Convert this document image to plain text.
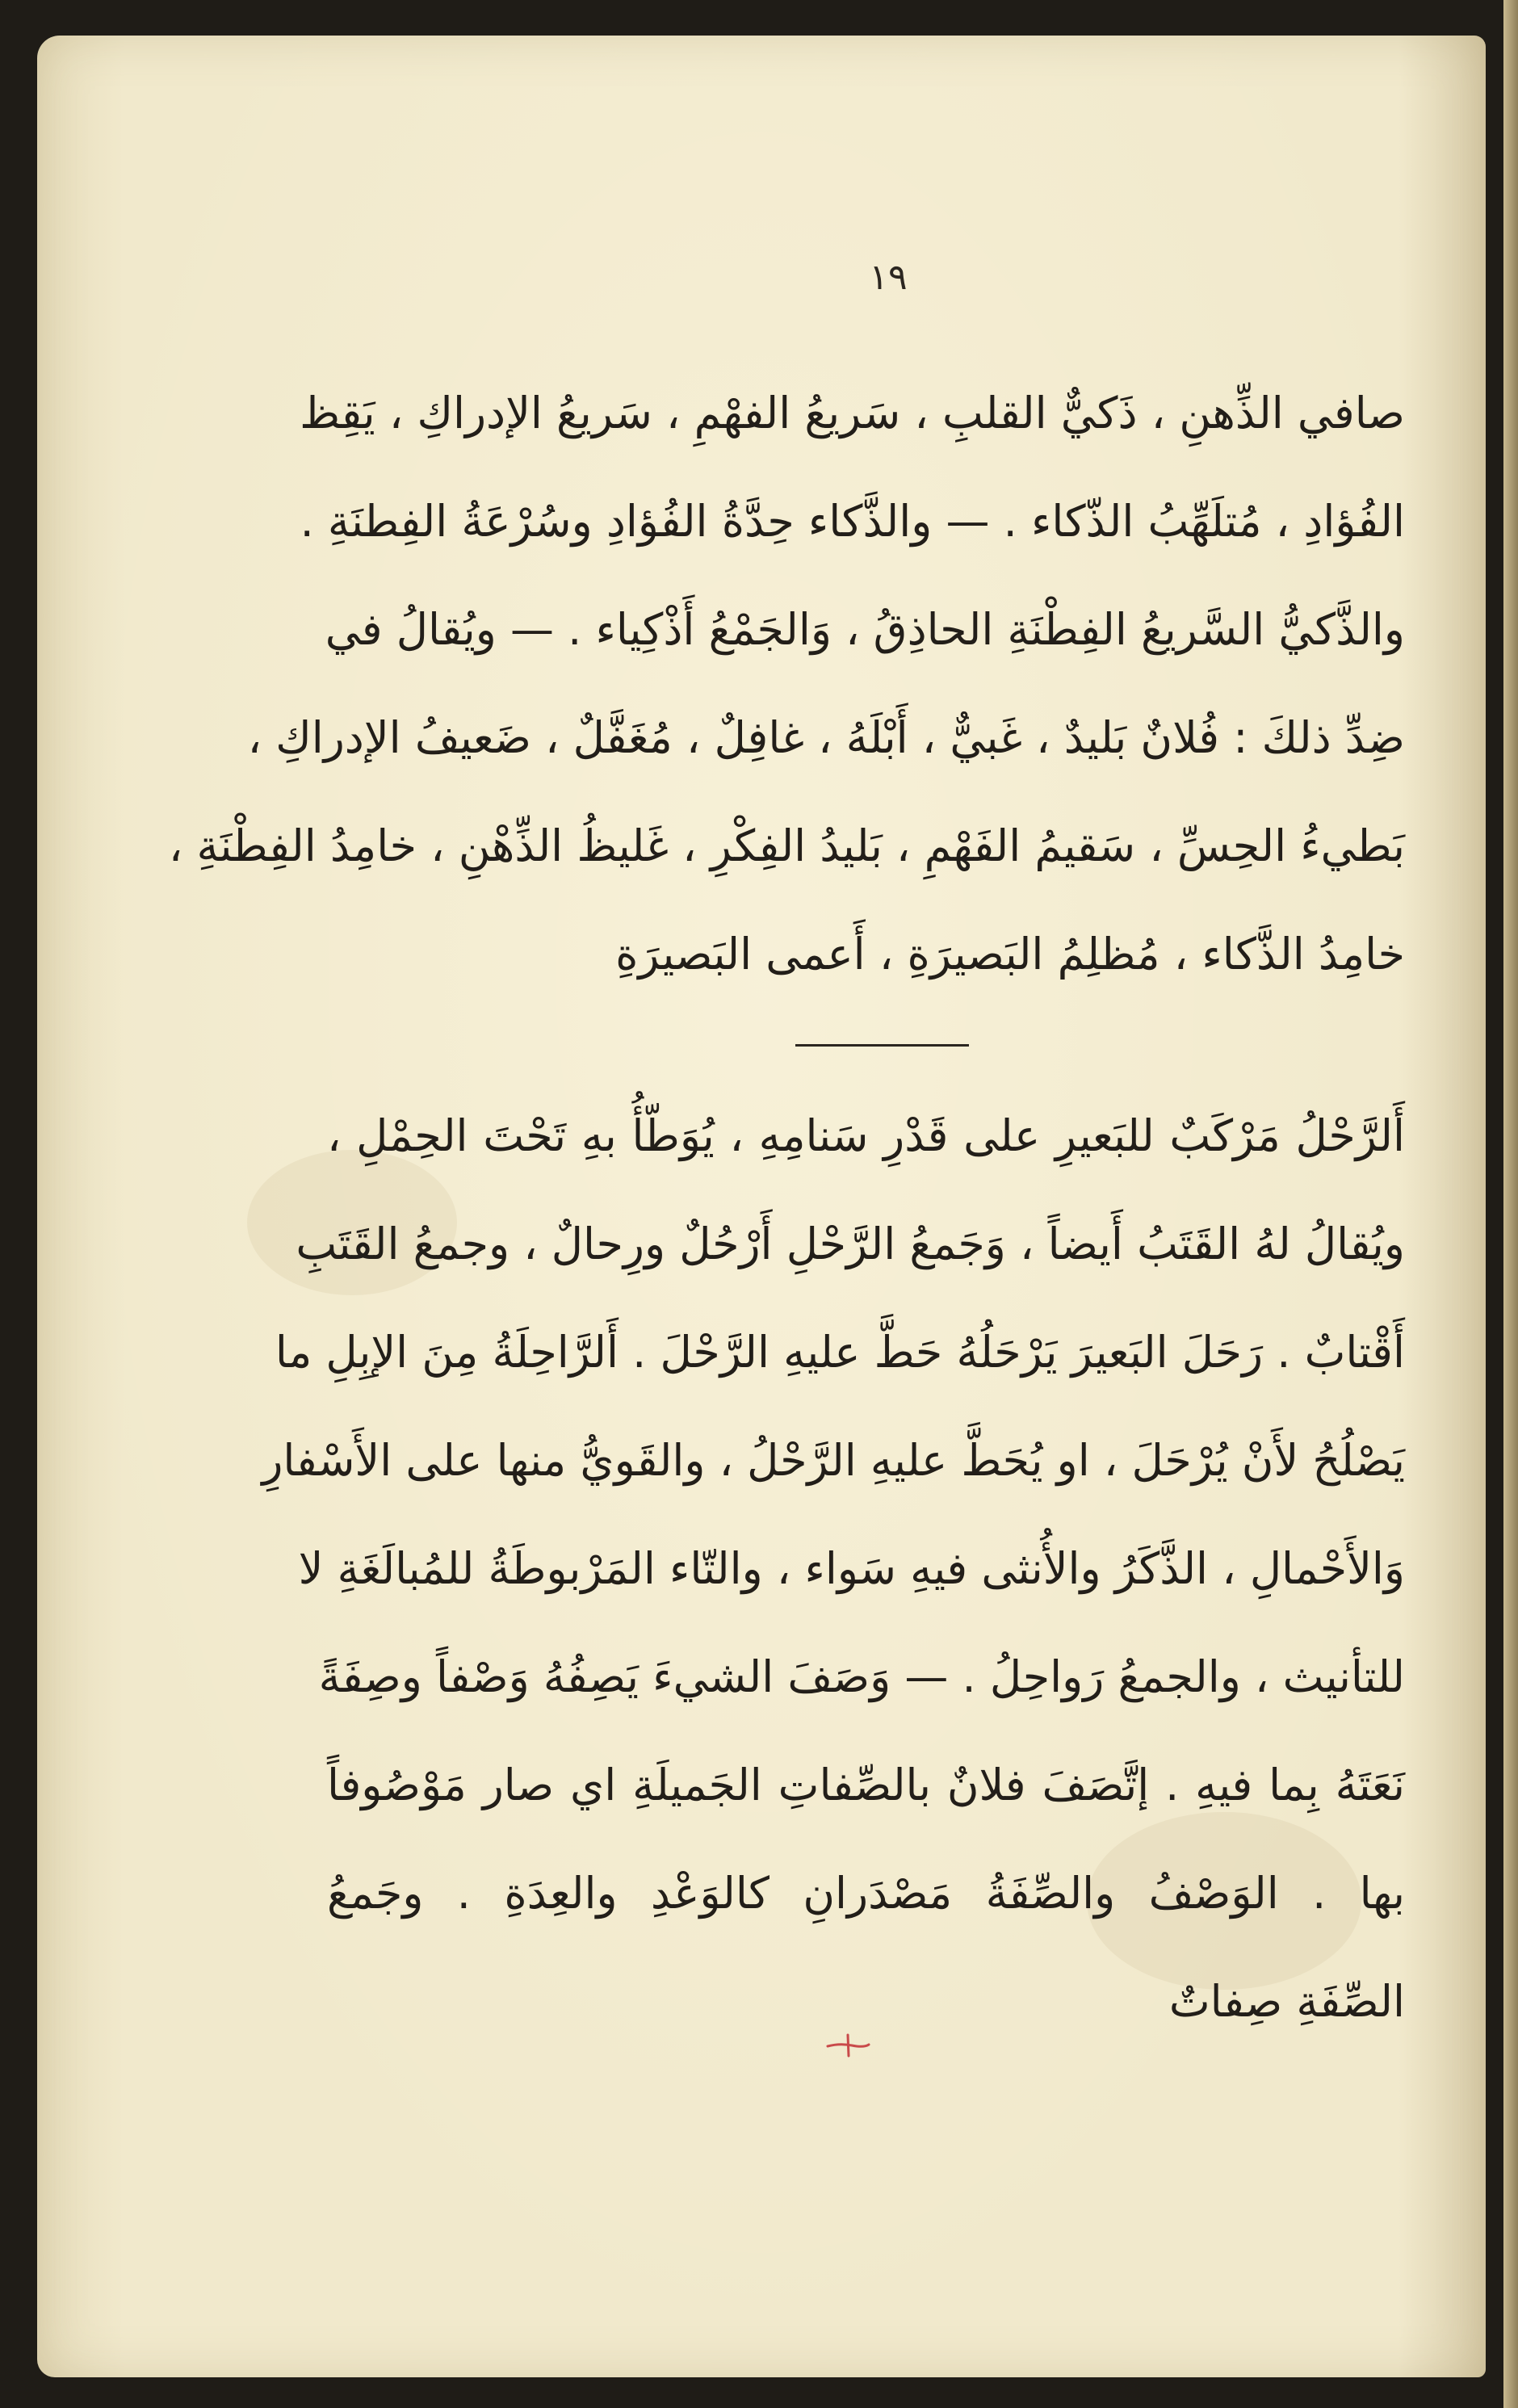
١٩
صافي الذِّهنِ ، ذَكيٌّ القلبِ ، سَريعُ الفهْمِ ، سَريعُ الإدراكِ ، يَقِظ
الفُؤادِ ، مُتلَهِّبُ الذّكاء . — والذَّكاء حِدَّةُ الفُؤادِ وسُرْعَةُ الفِطنَةِ .
والذَّكيُّ السَّريعُ الفِطْنَةِ الحاذِقُ ، وَالجَمْعُ أَذْكِياء . — ويُقالُ في
ضِدِّ ذلكَ : فُلانٌ بَليدٌ ، غَبيٌّ ، أَبْلَهُ ، غافِلٌ ، مُغَفَّلٌ ، ضَعيفُ الإدراكِ ،
بَطيءُ الحِسِّ ، سَقيمُ الفَهْمِ ، بَليدُ الفِكْرِ ، غَليظُ الذِّهْنِ ، خامِدُ الفِطْنَةِ ،
خامِدُ الذَّكاء ، مُظلِمُ البَصيرَةِ ، أَعمى البَصيرَةِ
أَلرَّحْلُ مَرْكَبٌ للبَعيرِ على قَدْرِ سَنامِهِ ، يُوَطّأُ بهِ تَحْتَ الحِمْلِ ،
ويُقالُ لهُ القَتَبُ أَيضاً ، وَجَمعُ الرَّحْلِ أَرْحُلٌ ورِحالٌ ، وجمعُ القَتَبِ
أَقْتابٌ . رَحَلَ البَعيرَ يَرْحَلُهُ حَطَّ عليهِ الرَّحْلَ . أَلرَّاحِلَةُ مِنَ الإبِلِ ما
يَصْلُحُ لأَنْ يُرْحَلَ ، او يُحَطَّ عليهِ الرَّحْلُ ، والقَويُّ منها على الأَسْفارِ
وَالأَحْمالِ ، الذَّكَرُ والأُنثى فيهِ سَواء ، والتّاء المَرْبوطَةُ للمُبالَغَةِ لا
للتأنيث ، والجمعُ رَواحِلُ . — وَصَفَ الشيءَ يَصِفُهُ وَصْفاً وصِفَةً
نَعَتَهُ بِما فيهِ . إتَّصَفَ فلانٌ بالصِّفاتِ الجَميلَةِ اي صار مَوْصُوفاً
بها . الوَصْفُ والصِّفَةُ مَصْدَرانِ كالوَعْدِ والعِدَةِ . وجَمعُ
الصِّفَةِ صِفاتٌ
